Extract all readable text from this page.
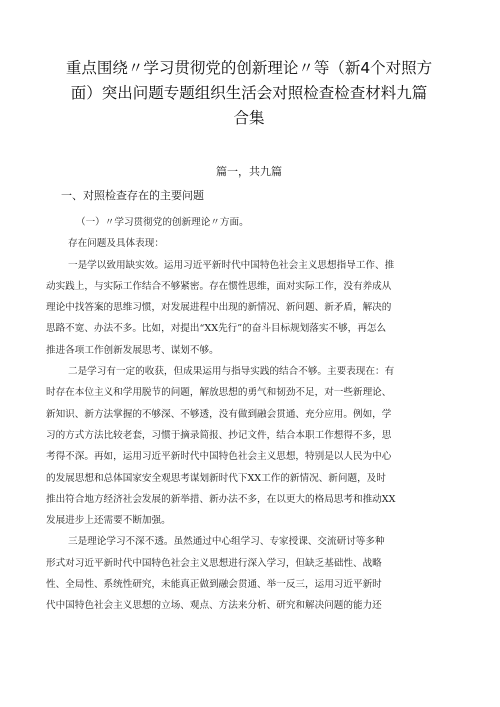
重点围绕〃学习贯彻党的创新理论〃等（新4个对照方
面）突出问题专题组织生活会对照检查检查材料九篇
合集
篇一，共九篇
一、对照检查存在的主要问题

（一）〃学习贯彻党的创新理论〃方面。

存在问题及具体表现：

一是学以致用缺实效。运用习近平新时代中国特色社会主义思想指导工作、推
动实践上，与实际工作结合不够紧密。存在惯性思维，面对实际工作，没有养成从
理论中找答案的思维习惯，对发展进程中出现的新情况、新问题、新矛盾，解决的
思路不宽、办法不多。比如，对提出“XX先行”的奋斗目标规划落实不够，再怎么
推进各项工作创新发展思考、谋划不够。

二是学习有一定的收获，但成果运用与指导实践的结合不够。主要表现在：有
时存在本位主义和学用脱节的问题，解放思想的勇气和韧劲不足，对一些新理论、
新知识、新方法掌握的不够深、不够透，没有做到融会贯通、充分应用。例如，学
习的方式方法比较老套，习惯于摘录简报、抄记文件，结合本职工作想得不多，思
考得不深。再如，运用习近平新时代中国特色社会主义思想，特别是以人民为中心
的发展思想和总体国家安全观思考谋划新时代下XX工作的新情况、新问题，及时
推出符合地方经济社会发展的新举措、新办法不多，在以更大的格局思考和推动XX
发展进步上还需要不断加强。

三是理论学习不深不透。虽然通过中心组学习、专家授课、交流研讨等多种
形式对习近平新时代中国特色社会主义思想进行深入学习，但缺乏基础性、战略
性、全局性、系统性研究，未能真正做到融会贯通、举一反三，运用习近平新时
代中国特色社会主义思想的立场、观点、方法来分析、研究和解决问题的能力还
